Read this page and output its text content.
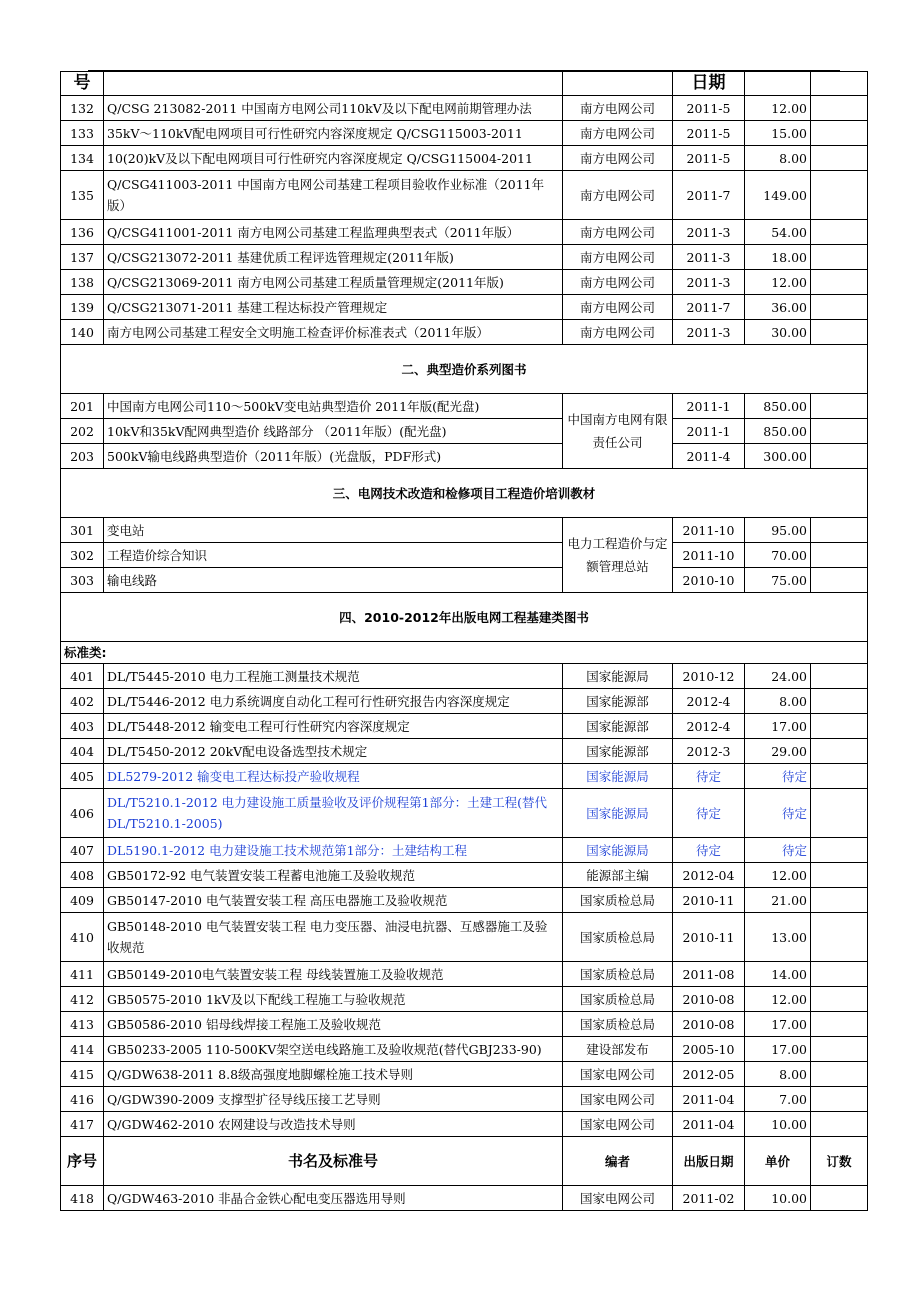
号			日期		
132	Q/CSG 213082-2011 中国南方电网公司110kV及以下配电网前期管理办法	南方电网公司	2011-5	12.00	
133	35kV～110kV配电网项目可行性研究内容深度规定 Q/CSG115003-2011	南方电网公司	2011-5	15.00	
134	10(20)kV及以下配电网项目可行性研究内容深度规定 Q/CSG115004-2011	南方电网公司	2011-5	8.00	
135	Q/CSG411003-2011 中国南方电网公司基建工程项目验收作业标准（2011年版）	南方电网公司	2011-7	149.00	
136	Q/CSG411001-2011 南方电网公司基建工程监理典型表式（2011年版）	南方电网公司	2011-3	54.00	
137	Q/CSG213072-2011 基建优质工程评选管理规定(2011年版)	南方电网公司	2011-3	18.00	
138	Q/CSG213069-2011 南方电网公司基建工程质量管理规定(2011年版)	南方电网公司	2011-3	12.00	
139	Q/CSG213071-2011 基建工程达标投产管理规定	南方电网公司	2011-7	36.00	
140	南方电网公司基建工程安全文明施工检查评价标准表式（2011年版）	南方电网公司	2011-3	30.00	
二、典型造价系列图书					
201	中国南方电网公司110～500kV变电站典型造价 2011年版(配光盘)	中国南方电网有限责任公司	2011-1	850.00	
202	10kV和35kV配网典型造价 线路部分 （2011年版）(配光盘)		2011-1	850.00	
203	500kV输电线路典型造价（2011年版）(光盘版，PDF形式)		2011-4	300.00	
三、电网技术改造和检修项目工程造价培训教材					
301	变电站	电力工程造价与定额管理总站	2011-10	95.00	
302	工程造价综合知识		2011-10	70.00	
303	输电线路		2010-10	75.00	
四、2010-2012年出版电网工程基建类图书					
标准类:					
401	DL/T5445-2010 电力工程施工测量技术规范	国家能源局	2010-12	24.00	
402	DL/T5446-2012 电力系统调度自动化工程可行性研究报告内容深度规定	国家能源部	2012-4	8.00	
403	DL/T5448-2012 输变电工程可行性研究内容深度规定	国家能源部	2012-4	17.00	
404	DL/T5450-2012 20kV配电设备选型技术规定	国家能源部	2012-3	29.00	
405	DL5279-2012 输变电工程达标投产验收规程	国家能源局	待定	待定	
406	DL/T5210.1-2012 电力建设施工质量验收及评价规程第1部分：土建工程(替代DL/T5210.1-2005)	国家能源局	待定	待定	
407	DL5190.1-2012 电力建设施工技术规范第1部分：土建结构工程	国家能源局	待定	待定	
408	GB50172-92 电气装置安装工程蓄电池施工及验收规范	能源部主编	2012-04	12.00	
409	GB50147-2010 电气装置安装工程 高压电器施工及验收规范	国家质检总局	2010-11	21.00	
410	GB50148-2010 电气装置安装工程 电力变压器、油浸电抗器、互感器施工及验收规范	国家质检总局	2010-11	13.00	
411	GB50149-2010电气装置安装工程 母线装置施工及验收规范	国家质检总局	2011-08	14.00	
412	GB50575-2010 1kV及以下配线工程施工与验收规范	国家质检总局	2010-08	12.00	
413	GB50586-2010 铝母线焊接工程施工及验收规范	国家质检总局	2010-08	17.00	
414	GB50233-2005 110-500KV架空送电线路施工及验收规范(替代GBJ233-90)	建设部发布	2005-10	17.00	
415	Q/GDW638-2011 8.8级高强度地脚螺栓施工技术导则	国家电网公司	2012-05	8.00	
416	Q/GDW390-2009 支撑型扩径导线压接工艺导则	国家电网公司	2011-04	7.00	
417	Q/GDW462-2010 农网建设与改造技术导则	国家电网公司	2011-04	10.00	
序号	书名及标准号	编者	出版日期	单价	订数
418	Q/GDW463-2010 非晶合金铁心配电变压器选用导则	国家电网公司	2011-02	10.00	
